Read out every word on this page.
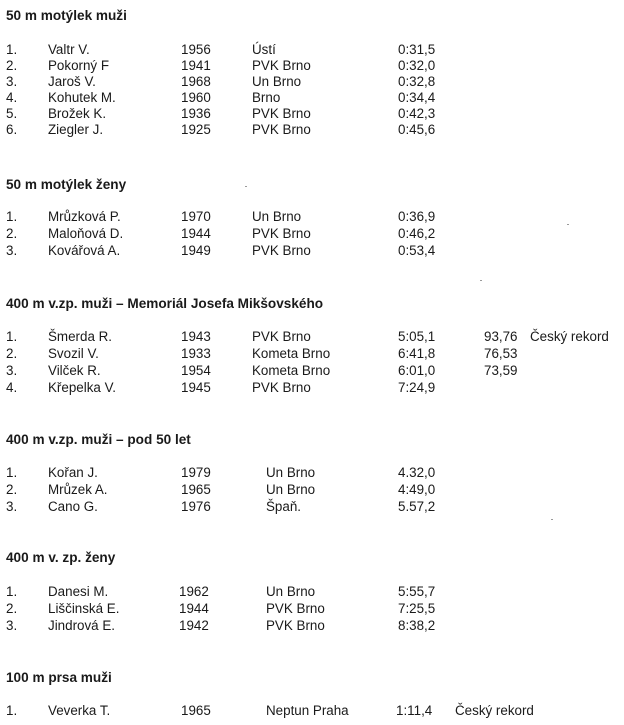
50 m motýlek muži
1. Valtr V.	1956	Ústí	0:31,5
2. Pokorný F	1941	PVK Brno	0:32,0
3. Jaroš V.	1968	Un Brno	0:32,8
4. Kohutek M.	1960	Brno	0:34,4
5. Brožek K.	1936	PVK Brno	0:42,3
6. Ziegler J.	1925	PVK Brno	0:45,6
50 m motýlek ženy
1. Mrůzková P.	1970	Un Brno	0:36,9
2. Maloňová D.	1944	PVK Brno	0:46,2
3. Kovářová A.	1949	PVK Brno	0:53,4
400 m v.zp. muži – Memoriál Josefa Mikšovského
1. Šmerda R.	1943	PVK Brno	5:05,1	93,76 Český rekord
2. Svozil V.	1933	Kometa Brno	6:41,8	76,53
3. Vilček R.	1954	Kometa Brno	6:01,0	73,59
4. Křepelka V.	1945	PVK Brno	7:24,9
400 m v.zp. muži – pod 50 let
1. Kořan J.	1979	Un Brno	4.32,0
2. Mrůzek A.	1965	Un Brno	4:49,0
3. Cano G.	1976	Špaň.	5.57,2
400 m v. zp. ženy
1. Danesi M.	1962	Un Brno	5:55,7
2. Liščinská E.	1944	PVK Brno	7:25,5
3. Jindrová E.	1942	PVK Brno	8:38,2
100 m prsa muži
1. Veverka T.	1965	Neptun Praha	1:11,4 Český rekord
